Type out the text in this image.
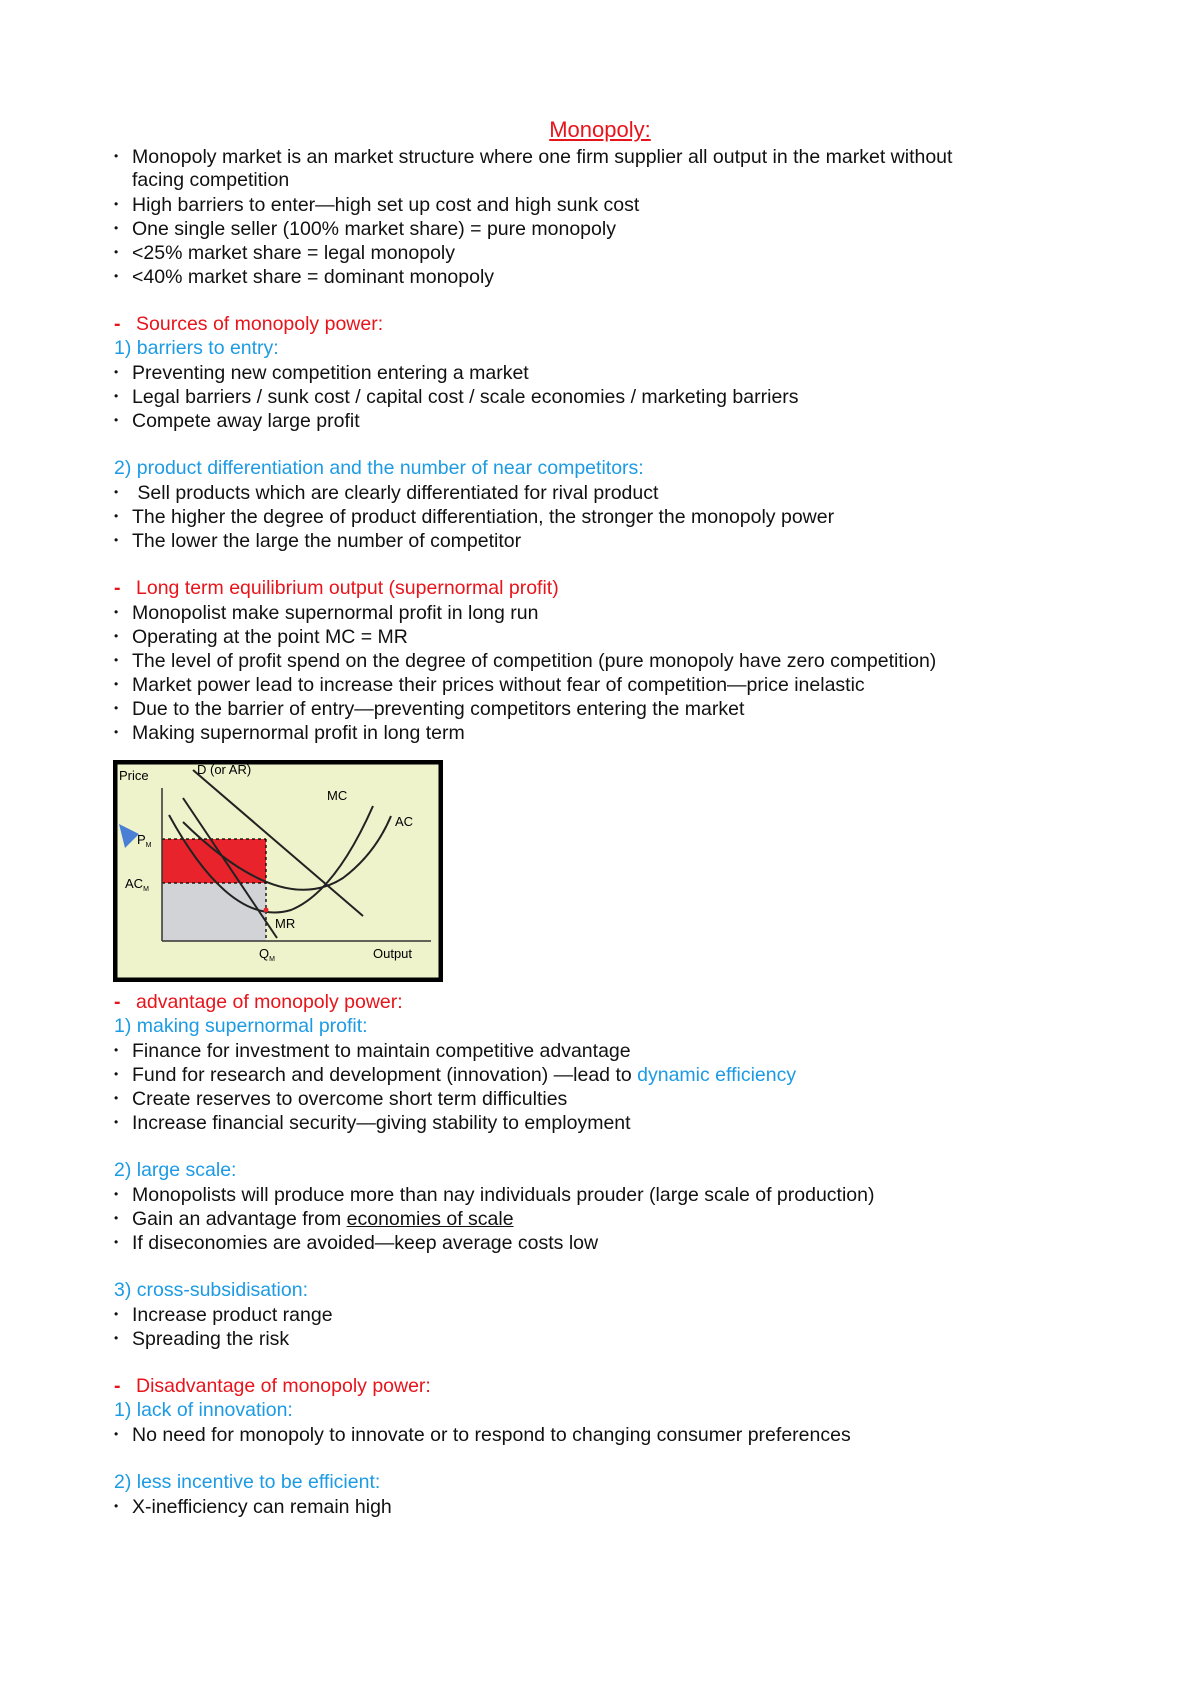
Monopoly:
• Monopoly market is an market structure where one firm supplier all output in the market without
facing competition
• High barriers to enter—high set up cost and high sunk cost
• One single seller (100% market share) = pure monopoly
• <25% market share = legal monopoly
• <40% market share = dominant monopoly
- Sources of monopoly power:
1) barriers to entry:
• Preventing new competition entering a market
• Legal barriers / sunk cost / capital cost / scale economies / marketing barriers
• Compete away large profit
2) product differentiation and the number of near competitors:
• Sell products which are clearly differentiated for rival product
• The higher the degree of product differentiation, the stronger the monopoly power
• The lower the large the number of competitor
- Long term equilibrium output (supernormal profit)
• Monopolist make supernormal profit in long run
• Operating at the point MC = MR
• The level of profit spend on the degree of competition (pure monopoly have zero competition)
• Market power lead to increase their prices without fear of competition—price inelastic
• Due to the barrier of entry—preventing competitors entering the market
• Making supernormal profit in long term
Price	D (or AR)
MC
AC
$P_M$
$AC_M$
MR
$Q_M$	Output
- advantage of monopoly power:
1) making supernormal profit:
• Finance for investment to maintain competitive advantage
• Fund for research and development (innovation) —lead to dynamic efficiency
• Create reserves to overcome short term difficulties
• Increase financial security—giving stability to employment
2) large scale:
• Monopolists will produce more than nay individuals prouder (large scale of production)
• Gain an advantage from economies of scale
• If diseconomies are avoided—keep average costs low
3) cross-subsidisation:
• Increase product range
• Spreading the risk
- Disadvantage of monopoly power:
1) lack of innovation:
• No need for monopoly to innovate or to respond to changing consumer preferences
2) less incentive to be efficient:
• X-inefficiency can remain high
